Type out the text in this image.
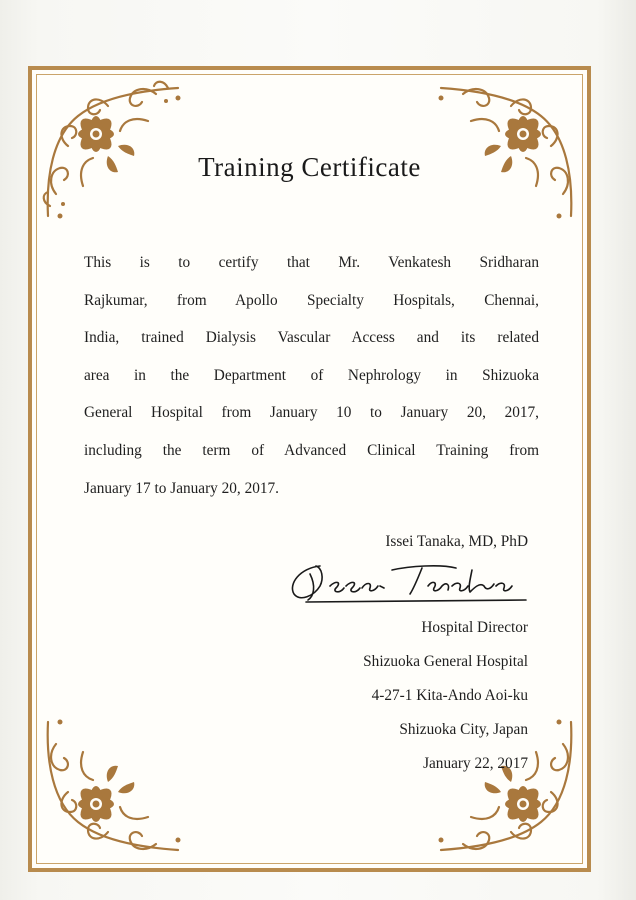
Training Certificate
This is to certify that Mr. Venkatesh Sridharan
Rajkumar, from Apollo Specialty Hospitals, Chennai,
India, trained Dialysis Vascular Access and its related
area in the Department of Nephrology in Shizuoka
General Hospital from January 10 to January 20, 2017,
including the term of Advanced Clinical Training from
January 17 to January 20, 2017.
Issei Tanaka, MD, PhD
Hospital Director
Shizuoka General Hospital
4-27-1 Kita-Ando Aoi-ku
Shizuoka City, Japan
January 22, 2017
